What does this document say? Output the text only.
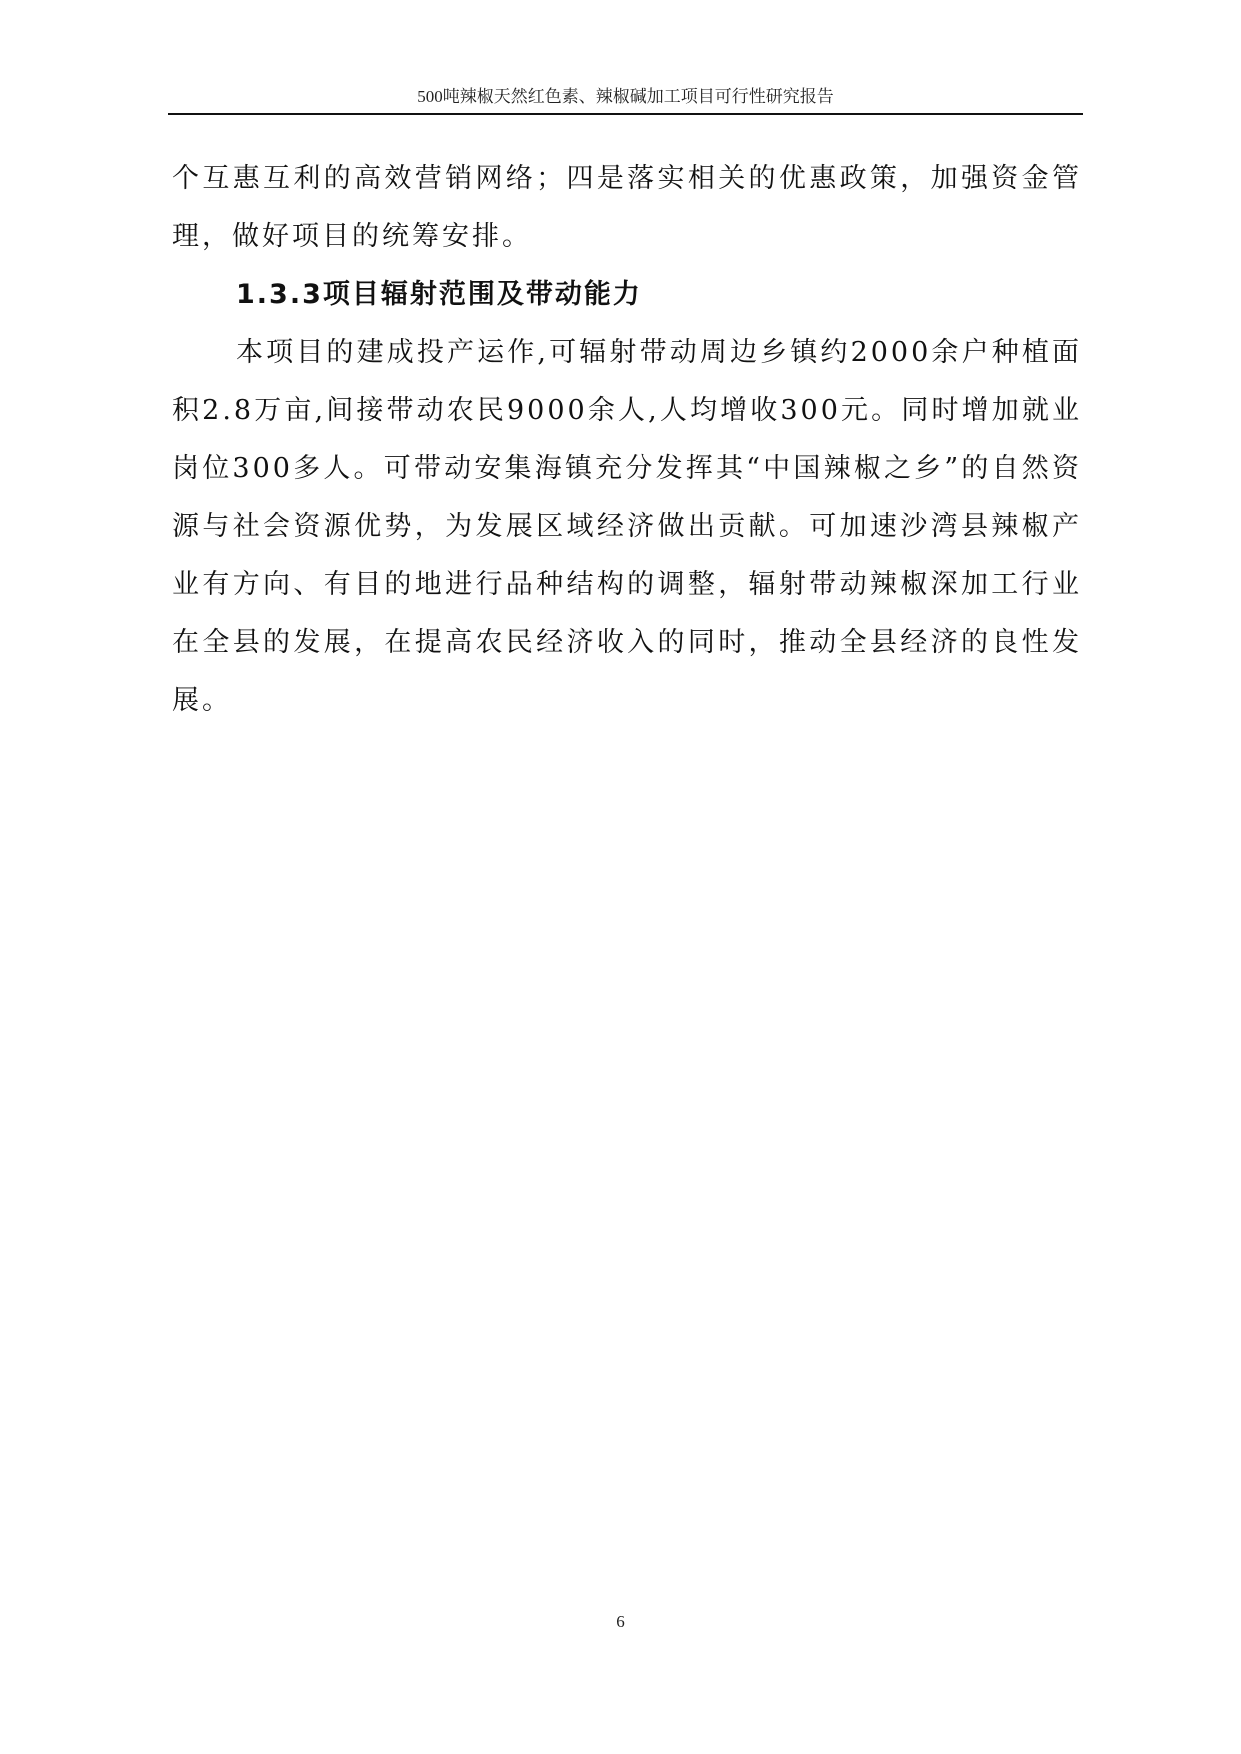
500吨辣椒天然红色素、辣椒碱加工项目可行性研究报告

个互惠互利的高效营销网络；四是落实相关的优惠政策，加强资金管理，做好项目的统筹安排。

1.3.3项目辐射范围及带动能力

本项目的建成投产运作,可辐射带动周边乡镇约2000余户种植面积2.8万亩,间接带动农民9000余人,人均增收300元。同时增加就业岗位300多人。可带动安集海镇充分发挥其“中国辣椒之乡”的自然资源与社会资源优势，为发展区域经济做出贡献。可加速沙湾县辣椒产业有方向、有目的地进行品种结构的调整，辐射带动辣椒深加工行业在全县的发展，在提高农民经济收入的同时，推动全县经济的良性发展。

6
